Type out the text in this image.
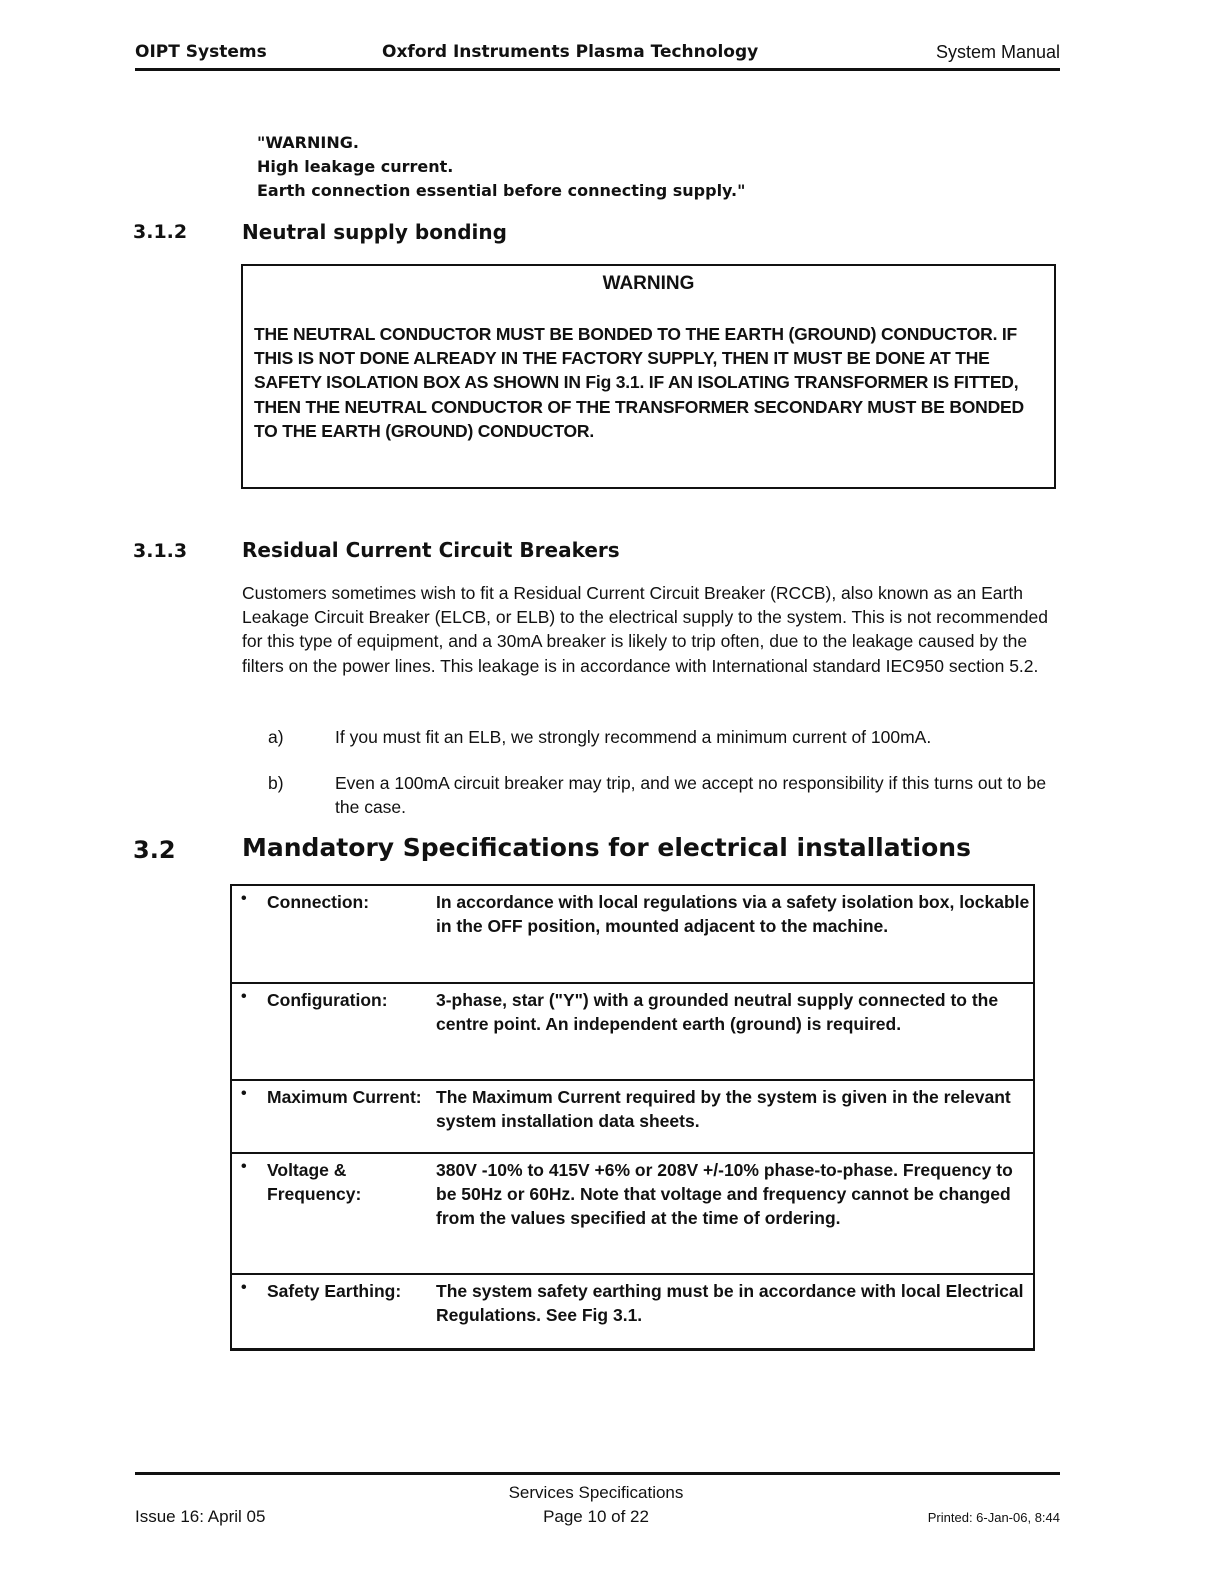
OIPT Systems	Oxford Instruments Plasma Technology	System Manual
"WARNING.
High leakage current.
Earth connection essential before connecting supply."
3.1.2	Neutral supply bonding
WARNING
THE NEUTRAL CONDUCTOR MUST BE BONDED TO THE EARTH (GROUND) CONDUCTOR. IF THIS IS NOT DONE ALREADY IN THE FACTORY SUPPLY, THEN IT MUST BE DONE AT THE SAFETY ISOLATION BOX AS SHOWN IN Fig 3.1. IF AN ISOLATING TRANSFORMER IS FITTED, THEN THE NEUTRAL CONDUCTOR OF THE TRANSFORMER SECONDARY MUST BE BONDED TO THE EARTH (GROUND) CONDUCTOR.
3.1.3	Residual Current Circuit Breakers
Customers sometimes wish to fit a Residual Current Circuit Breaker (RCCB), also known as an Earth Leakage Circuit Breaker (ELCB, or ELB) to the electrical supply to the system. This is not recommended for this type of equipment, and a 30mA breaker is likely to trip often, due to the leakage caused by the filters on the power lines. This leakage is in accordance with International standard IEC950 section 5.2.
a)	If you must fit an ELB, we strongly recommend a minimum current of 100mA.
b)	Even a 100mA circuit breaker may trip, and we accept no responsibility if this turns out to be the case.
3.2	Mandatory Specifications for electrical installations
• Connection:	In accordance with local regulations via a safety isolation box, lockable in the OFF position, mounted adjacent to the machine.
• Configuration:	3-phase, star ("Y") with a grounded neutral supply connected to the centre point. An independent earth (ground) is required.
• Maximum Current: The Maximum Current required by the system is given in the relevant system installation data sheets.
• Voltage & Frequency:
380V -10% to 415V +6% or 208V +/-10% phase-to-phase. Frequency to be 50Hz or 60Hz. Note that voltage and frequency cannot be changed from the values specified at the time of ordering.
• Safety Earthing:	The system safety earthing must be in accordance with local Electrical Regulations. See Fig 3.1.
Issue 16: April 05
Services Specifications
Page 10 of 22	Printed: 6-Jan-06, 8:44
